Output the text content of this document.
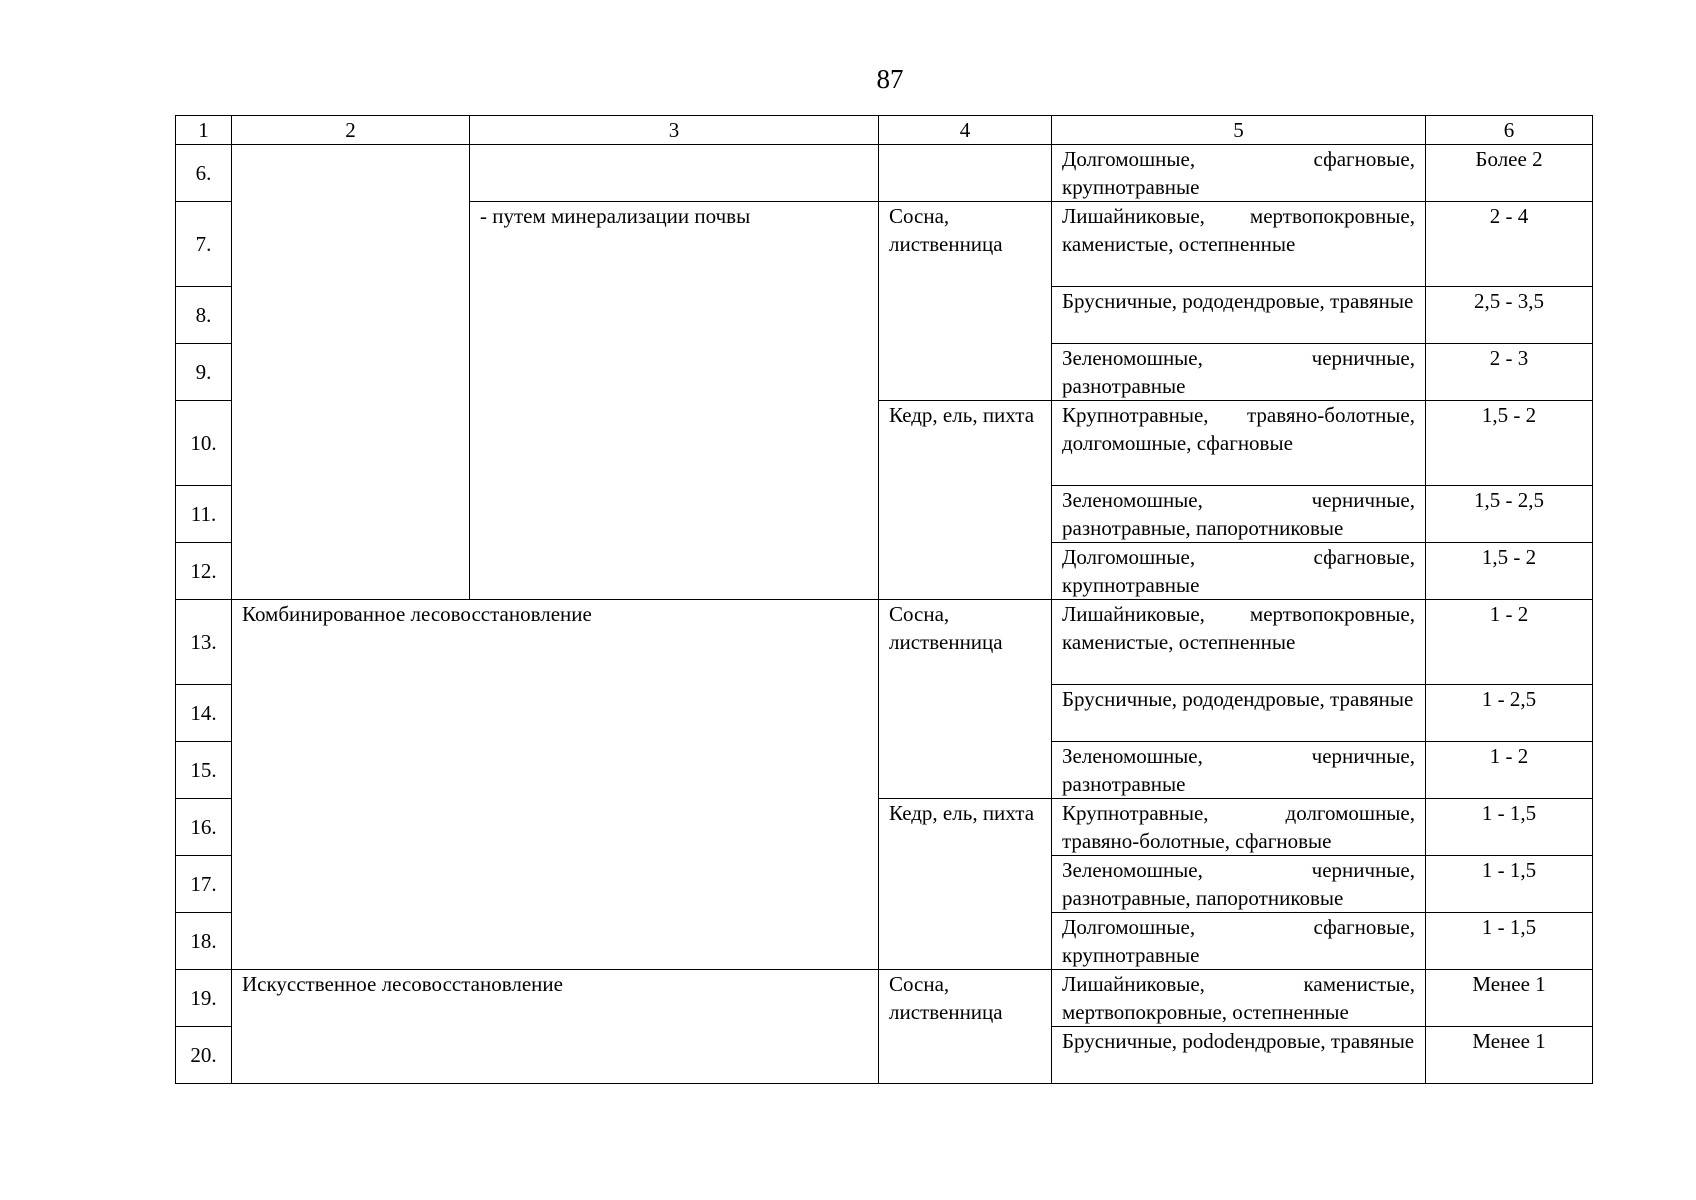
87
1	2	3	4	5	6
6.				Долгомошные, сфагновые, крупнотравные	Более 2
7.		- путем минерализации почвы	Сосна, лиственница	Лишайниковые, мертвопокровные, каменистые, остепненные	2 - 4
8.				Брусничные, рододендровые, травяные	2,5 - 3,5
9.				Зеленомошные, черничные, разнотравные	2 - 3
10.			Кедр, ель, пихта	Крупнотравные, травяно-болотные, долгомошные, сфагновые	1,5 - 2
11.				Зеленомошные, черничные, разнотравные, папоротниковые	1,5 - 2,5
12.				Долгомошные, сфагновые, крупнотравные	1,5 - 2
13.	Комбинированное лесовосстановление		Сосна, лиственница	Лишайниковые, мертвопокровные, каменистые, остепненные	1 - 2
14.				Брусничные, рододендровые, травяные	1 - 2,5
15.				Зеленомошные, черничные, разнотравные	1 - 2
16.			Кедр, ель, пихта	Крупнотравные, долгомошные, травяно-болотные, сфагновые	1 - 1,5
17.				Зеленомошные, черничные, разнотравные, папоротниковые	1 - 1,5
18.				Долгомошные, сфагновые, крупнотравные	1 - 1,5
19.	Искусственное лесовосстановление		Сосна, лиственница	Лишайниковые, каменистые, мертвопокровные, остепненные	Менее 1
20.				Брусничные, рododендровые, травяные	Менее 1
